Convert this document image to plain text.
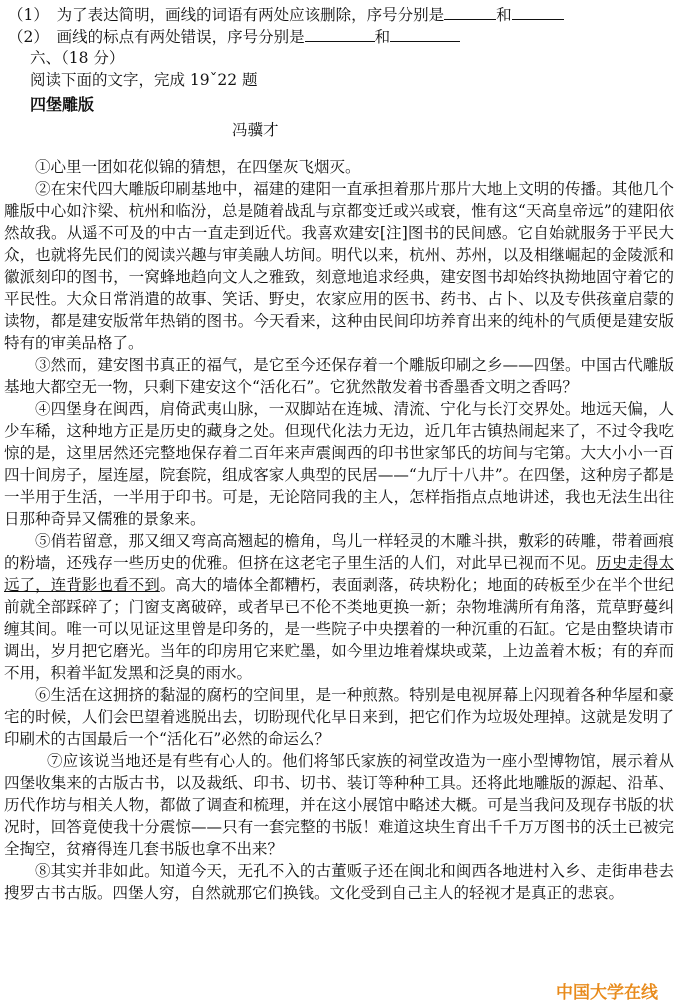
（1）　为了表达简明，画线的词语有两处应该删除，序号分别是	和
（2）　画线的标点有两处错误，序号分别是	和
六、（18 分）
阅读下面的文字，完成 19ˇ22 题
四堡雕版
冯骥才

①心里一团如花似锦的猜想，在四堡灰飞烟灭。

②在宋代四大雕版印刷基地中，福建的建阳一直承担着那片那片大地上文明的传播。其他几个雕版中心如汴梁、杭州和临汾，总是随着战乱与京都变迁或兴或衰，惟有这“天高皇帝远”的建阳依然故我。从遥不可及的中古一直走到近代。我喜欢建安[注]图书的民间感。它自始就服务于平民大众，也就将先民们的阅读兴趣与审美融人坊间。明代以来，杭州、苏州，以及相继崛起的金陵派和徽派刻印的图书，一窝蜂地趋向文人之雅致，刻意地追求经典，建安图书却始终执拗地固守着它的平民性。大众日常消遣的故事、笑话、野史，农家应用的医书、药书、占卜、以及专供孩童启蒙的读物，都是建安版常年热销的图书。今天看来，这种由民间印坊养育出来的纯朴的气质便是建安版特有的审美品格了。

③然而，建安图书真正的福气，是它至今还保存着一个雕版印刷之乡——四堡。中国古代雕版基地大都空无一物，只剩下建安这个“活化石”。它犹然散发着书香墨香文明之香吗？

④四堡身在闽西，肩倚武夷山脉，一双脚站在连城、清流、宁化与长汀交界处。地远天偏，人少车稀，这种地方正是历史的藏身之处。但现代化法力无边，近几年古镇热闹起来了，不过令我吃惊的是，这里居然还完整地保存着二百年来声震闽西的印书世家邹氏的坊间与宅第。大大小小一百四十间房子，屋连屋，院套院，组成客家人典型的民居——“九厅十八井”。在四堡，这种房子都是一半用于生活，一半用于印书。可是，无论陪同我的主人，怎样指指点点地讲述，我也无法生出往日那种奇异又儒雅的景象来。

⑤俏若留意，那又细又弯高高翘起的檐角，鸟儿一样轻灵的木雕斗拱，敷彩的砖雕，带着画痕的粉墙，还残存一些历史的优雅。但挤在这老宅子里生活的人们，对此早已视而不见。历史走得太远了，连背影也看不到。高大的墙体全都糟朽，表面剥落，砖块粉化；地面的砖板至少在半个世纪前就全部踩碎了；门窗支离破碎，或者早已不伦不类地更换一新；杂物堆满所有角落，荒草野蔓纠缠其间。唯一可以见证这里曾是印务的，是一些院子中央摆着的一种沉重的石缸。它是由整块请市调出，岁月把它磨光。当年的印房用它来贮墨，如今里边堆着煤块或菜，上边盖着木板；有的弃而不用，积着半缸发黑和泛臭的雨水。

⑥生活在这拥挤的黏湿的腐朽的空间里，是一种煎熬。特别是电视屏幕上闪现着各种华屋和豪宅的时候，人们会巴望着逃脱出去，切盼现代化早日来到，把它们作为垃圾处理掉。这就是发明了印刷术的古国最后一个“活化石”必然的命运么？

⑦应该说当地还是有些有心人的。他们将邹氏家族的祠堂改造为一座小型博物馆，展示着从四堡收集来的古版古书，以及裁纸、印书、切书、装订等种种工具。还将此地雕版的源起、沿革、历代作坊与相关人物，都做了调查和梳理，并在这小展馆中略述大概。可是当我问及现存书版的状况时，回答竟使我十分震惊——只有一套完整的书版！难道这块生育出千千万万图书的沃土已被完全掏空，贫瘠得连几套书版也拿不出来？

⑧其实并非如此。知道今天，无孔不入的古董贩子还在闽北和闽西各地进村入乡、走街串巷去搜罗古书古版。四堡人穷，自然就那它们换钱。文化受到自己主人的轻视才是真正的悲哀。

中国大学在线
